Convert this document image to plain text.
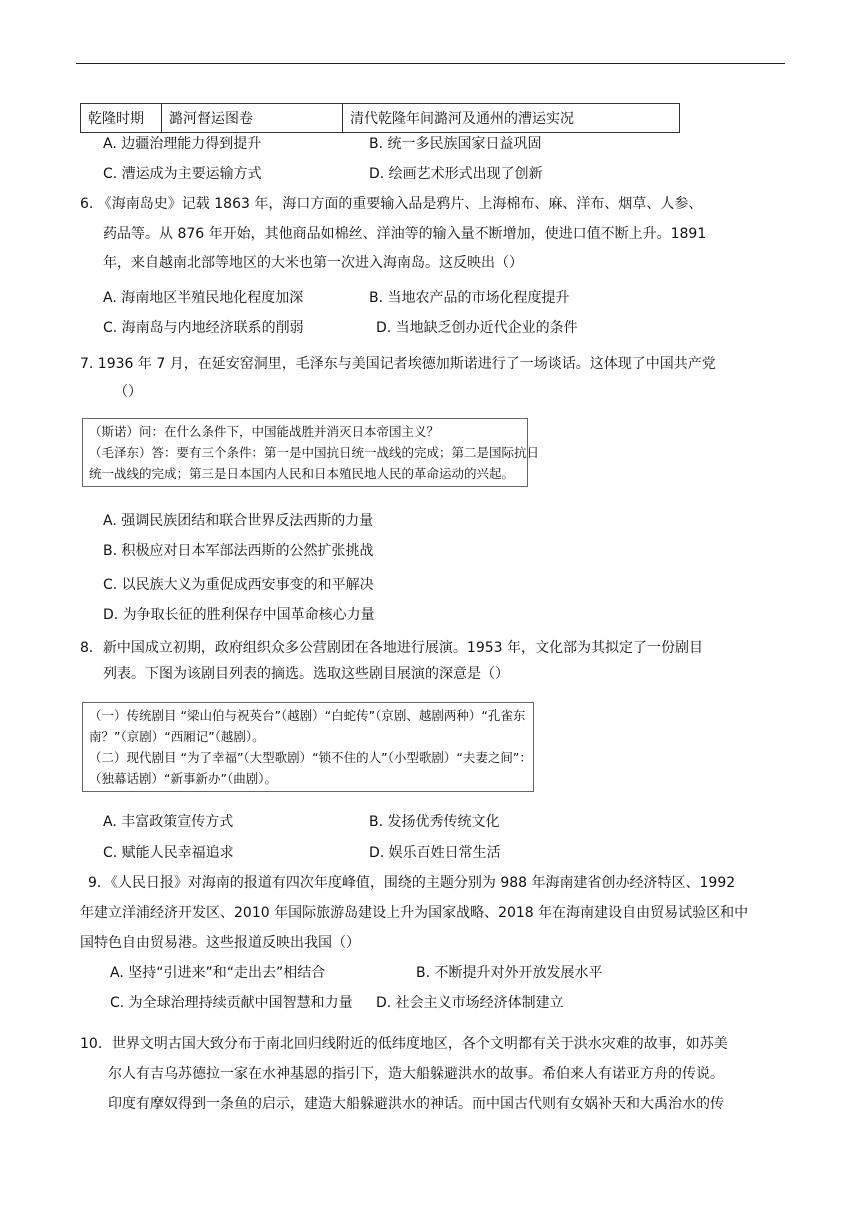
乾隆时期	潞河督运图卷	清代乾隆年间潞河及通州的漕运实况
A. 边疆治理能力得到提升	B. 统一多民族国家日益巩固
C. 漕运成为主要运输方式	D. 绘画艺术形式出现了创新
6. 《海南岛史》记载 1863 年，海口方面的重要输入品是鸦片、上海棉布、麻、洋布、烟草、人参、
药品等。从 876 年开始，其他商品如棉丝、洋油等的输入量不断增加，使进口值不断上升。1891
年，来自越南北部等地区的大米也第一次进入海南岛。这反映出（）
A. 海南地区半殖民地化程度加深	B. 当地农产品的市场化程度提升
C. 海南岛与内地经济联系的削弱	D. 当地缺乏创办近代企业的条件
7. 1936 年 7 月，在延安窑洞里，毛泽东与美国记者埃德加斯诺进行了一场谈话。这体现了中国共产党
（）
（斯诺）问：在什么条件下，中国能战胜并消灭日本帝国主义？
（毛泽东）答：要有三个条件：第一是中国抗日统一战线的完成；第二是国际抗日
统一战线的完成；第三是日本国内人民和日本殖民地人民的革命运动的兴起。
A. 强调民族团结和联合世界反法西斯的力量
B. 积极应对日本军部法西斯的公然扩张挑战
C. 以民族大义为重促成西安事变的和平解决
D. 为争取长征的胜利保存中国革命核心力量
8．新中国成立初期，政府组织众多公营剧团在各地进行展演。1953 年，文化部为其拟定了一份剧目
列表。下图为该剧目列表的摘选。选取这些剧目展演的深意是（）
（一）传统剧目 “梁山伯与祝英台”（越剧）“白蛇传”（京剧、越剧两种）“孔雀东
南？”（京剧）“西厢记”（越剧）。
（二）现代剧目 “为了幸福”（大型歌剧）“锁不住的人”（小型歌剧）“夫妻之间”：
（独幕话剧）“新事新办”（曲剧）。
A. 丰富政策宣传方式	B. 发扬优秀传统文化
C. 赋能人民幸福追求	D. 娱乐百姓日常生活
9．《人民日报》对海南的报道有四次年度峰值，围绕的主题分别为 988 年海南建省创办经济特区、1992
年建立洋浦经济开发区、2010 年国际旅游岛建设上升为国家战略、2018 年在海南建设自由贸易试验区和中
国特色自由贸易港。这些报道反映出我国（）
A. 坚持“引进来”和“走出去”相结合	B. 不断提升对外开放发展水平
C. 为全球治理持续贡献中国智慧和力量 D. 社会主义市场经济体制建立
10．世界文明古国大致分布于南北回归线附近的低纬度地区，各个文明都有关于洪水灾难的故事，如苏美
尔人有吉乌苏德拉一家在水神基恩的指引下，造大船躲避洪水的故事。希伯来人有诺亚方舟的传说。
印度有摩奴得到一条鱼的启示，建造大船躲避洪水的神话。而中国古代则有女娲补天和大禹治水的传
